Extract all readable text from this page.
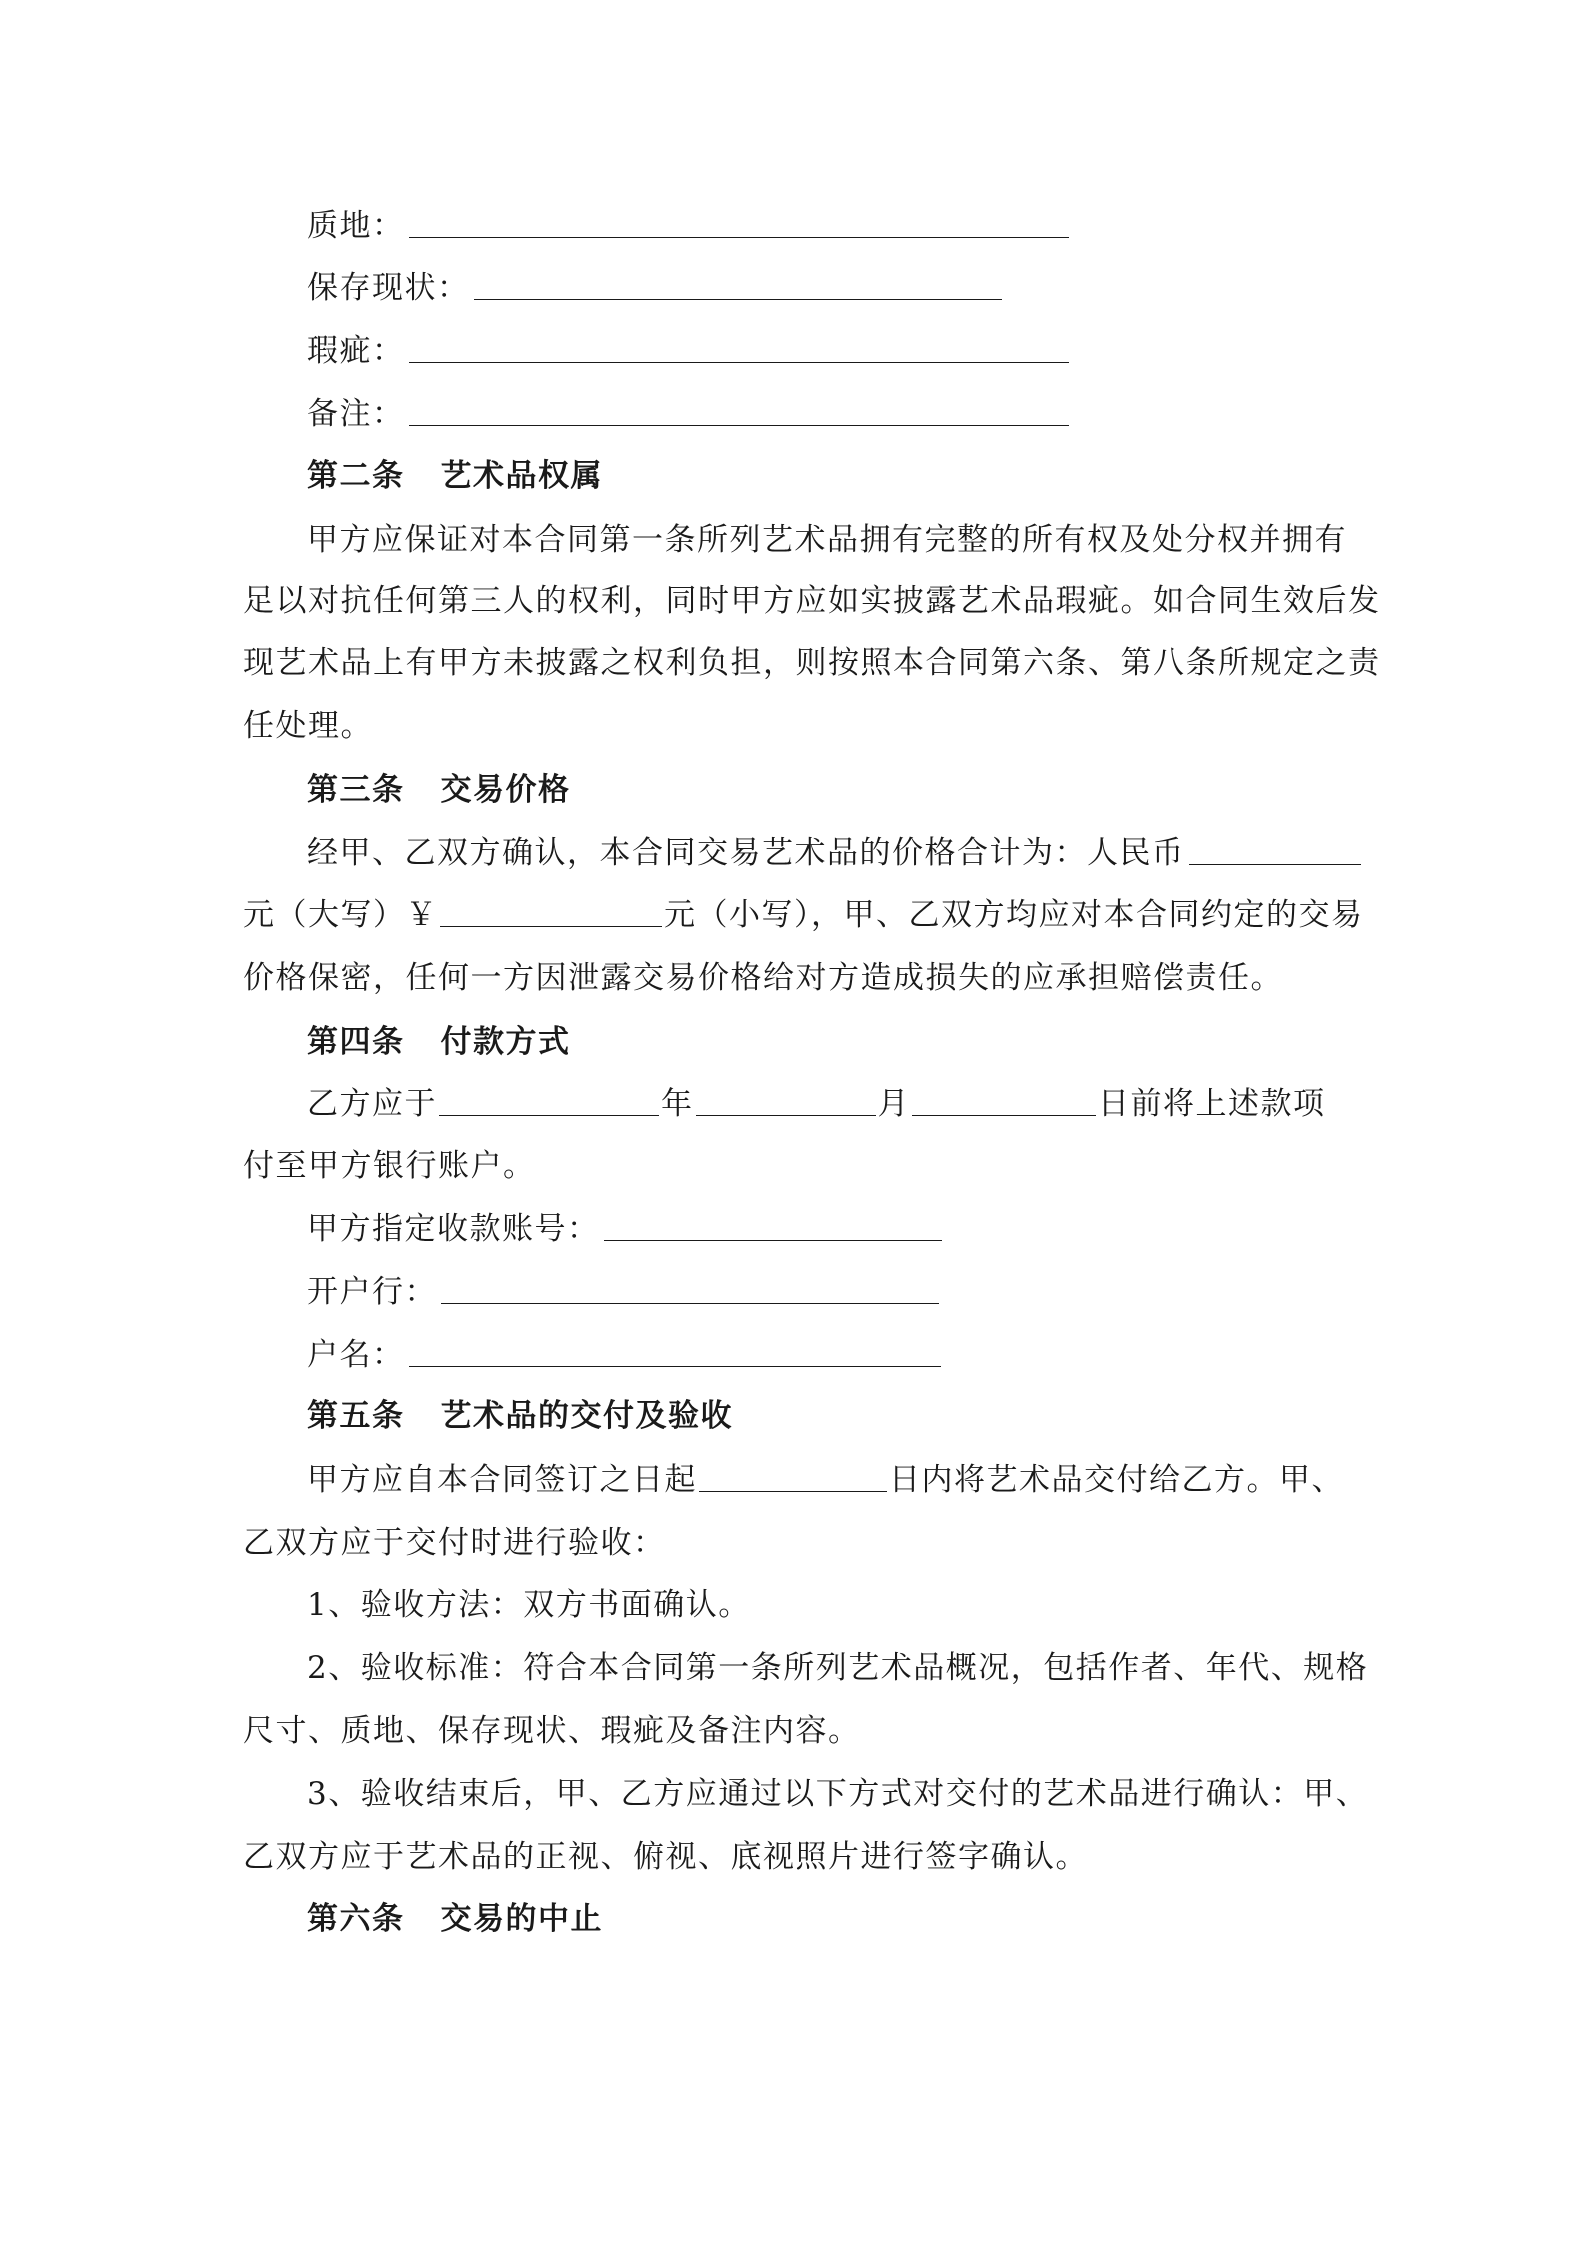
质地：
保存现状：
瑕疵：
备注：
第二条 艺术品权属
甲方应保证对本合同第一条所列艺术品拥有完整的所有权及处分权并拥有
足以对抗任何第三人的权利，同时甲方应如实披露艺术品瑕疵。如合同生效后发
现艺术品上有甲方未披露之权利负担，则按照本合同第六条、第八条所规定之责
任处理。
第三条 交易价格
经甲、乙双方确认，本合同交易艺术品的价格合计为：人民币
元（大写）￥	元（小写），甲、乙双方均应对本合同约定的交易
价格保密，任何一方因泄露交易价格给对方造成损失的应承担赔偿责任。
第四条 付款方式
乙方应于	年	月	日前将上述款项
付至甲方银行账户。
甲方指定收款账号：
开户行：
户名：
第五条 艺术品的交付及验收
甲方应自本合同签订之日起	日内将艺术品交付给乙方。甲、
乙双方应于交付时进行验收：
1、验收方法：双方书面确认。
2、验收标准：符合本合同第一条所列艺术品概况，包括作者、年代、规格
尺寸、质地、保存现状、瑕疵及备注内容。
3、验收结束后，甲、乙方应通过以下方式对交付的艺术品进行确认：甲、
乙双方应于艺术品的正视、俯视、底视照片进行签字确认。
第六条 交易的中止
